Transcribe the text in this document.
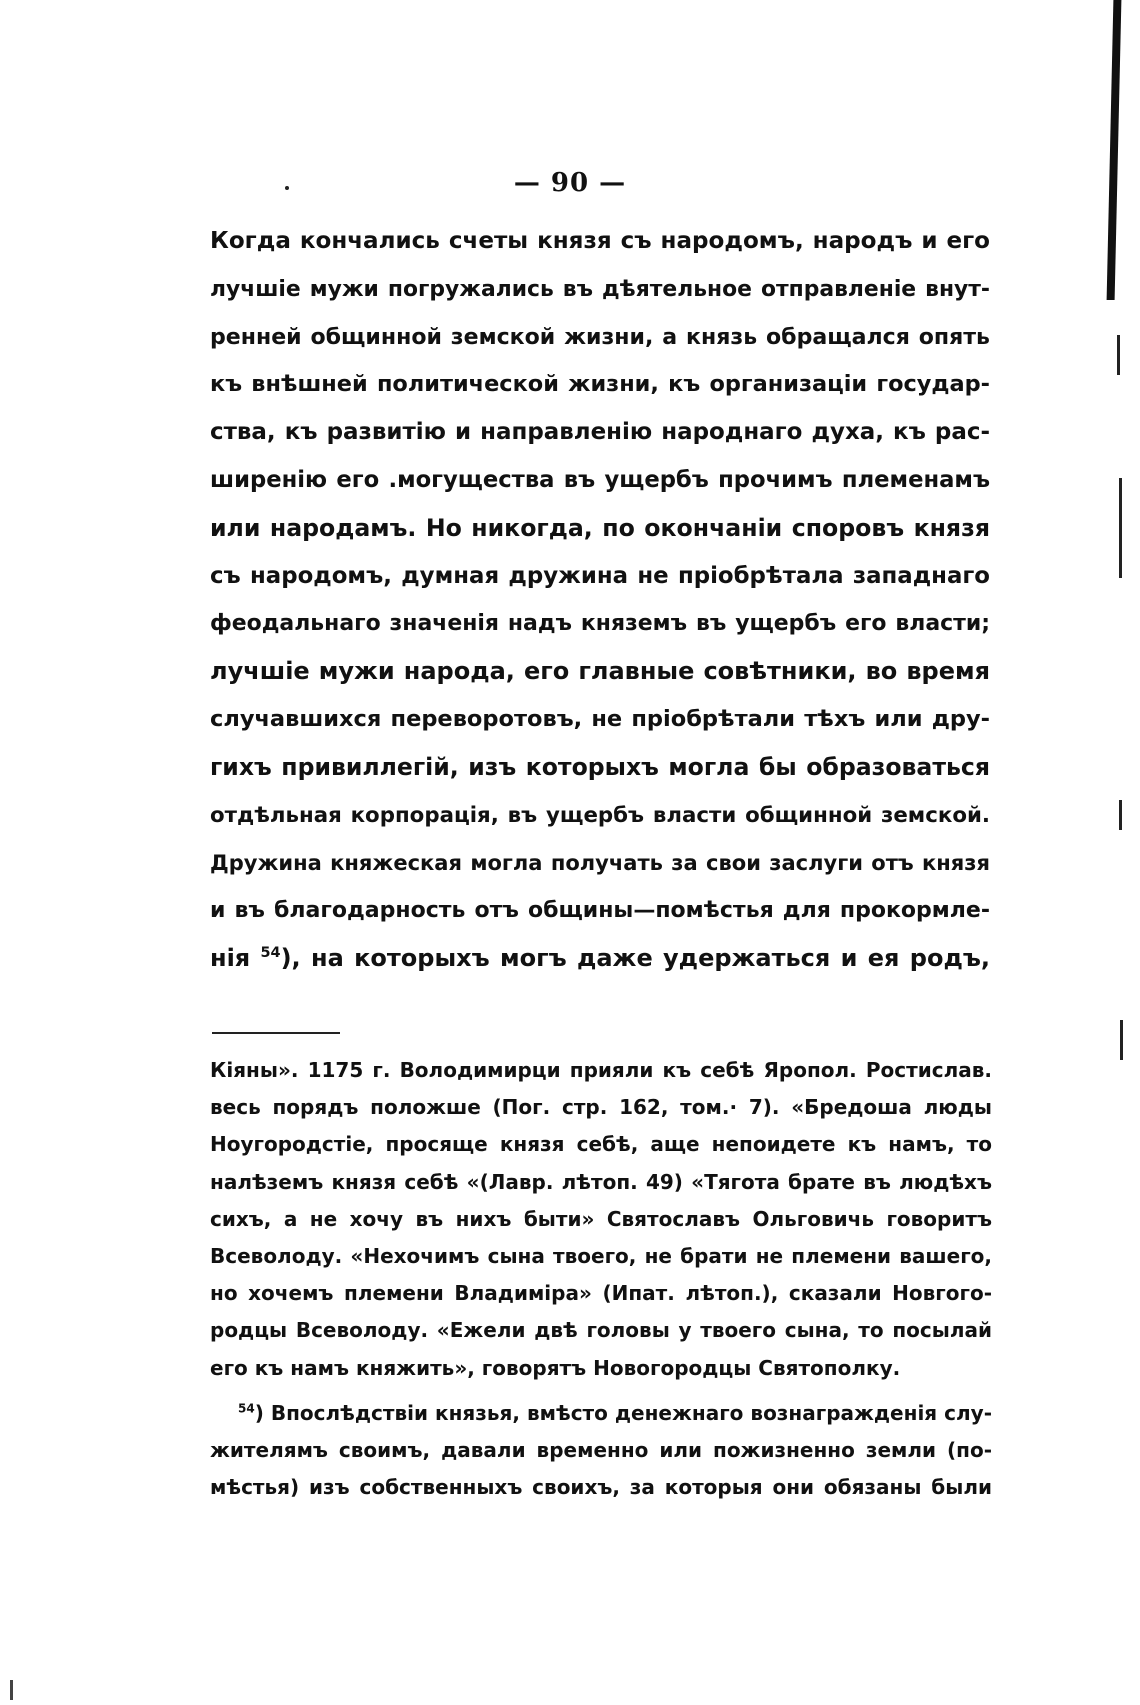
— 90 —
Когда кончались счеты князя съ народомъ, народъ и его
лучшіе мужи погружались въ дѣятельное отправленіе внут-
ренней общинной земской жизни, а князь обращался опять
къ внѣшней политической жизни, къ организаціи государ-
ства, къ развитію и направленію народнаго духа, къ рас-
ширенію его .могущества въ ущербъ прочимъ племенамъ
или народамъ. Но никогда, по окончаніи споровъ князя
съ народомъ, думная дружина не пріобрѣтала западнаго
феодальнаго значенія надъ княземъ въ ущербъ его власти;
лучшіе мужи народа, его главные совѣтники, во время
случавшихся переворотовъ, не пріобрѣтали тѣхъ или дру-
гихъ привиллегій, изъ которыхъ могла бы образоваться
отдѣльная корпорація, въ ущербъ власти общинной земской.
Дружина княжеская могла получать за свои заслуги отъ князя
и въ благодарность отъ общины—помѣстья для прокормле-
нія $^{54}$), на которыхъ могъ даже удержаться и ея родъ,
Кіяны». 1175 г. Володимирци прияли къ себѣ Яропол. Ростислав.
весь порядъ положше (Пог. стр. 162, том.· 7). «Бредоша люды
Ноугородстіе, просяще князя себѣ, аще непоидете къ намъ, то
налѣземъ князя себѣ «(Лавр. лѣтоп. 49) «Тягота брате въ людѣхъ
сихъ, а не хочу въ нихъ быти» Святославъ Ольговичь говоритъ
Всеволоду. «Нехочимъ сына твоего, не брати не племени вашего,
но хочемъ племени Владиміра» (Ипат. лѣтоп.), сказали Новгого-
родцы Всеволоду. «Ежели двѣ головы у твоего сына, то посылай
его къ намъ княжить», говорятъ Новогородцы Святополку.
$^{54}$) Впослѣдствіи князья, вмѣсто денежнаго вознагражденія слу-
жителямъ своимъ, давали временно или пожизненно земли (по-
мѣстья) изъ собственныхъ своихъ, за которыя они обязаны были
